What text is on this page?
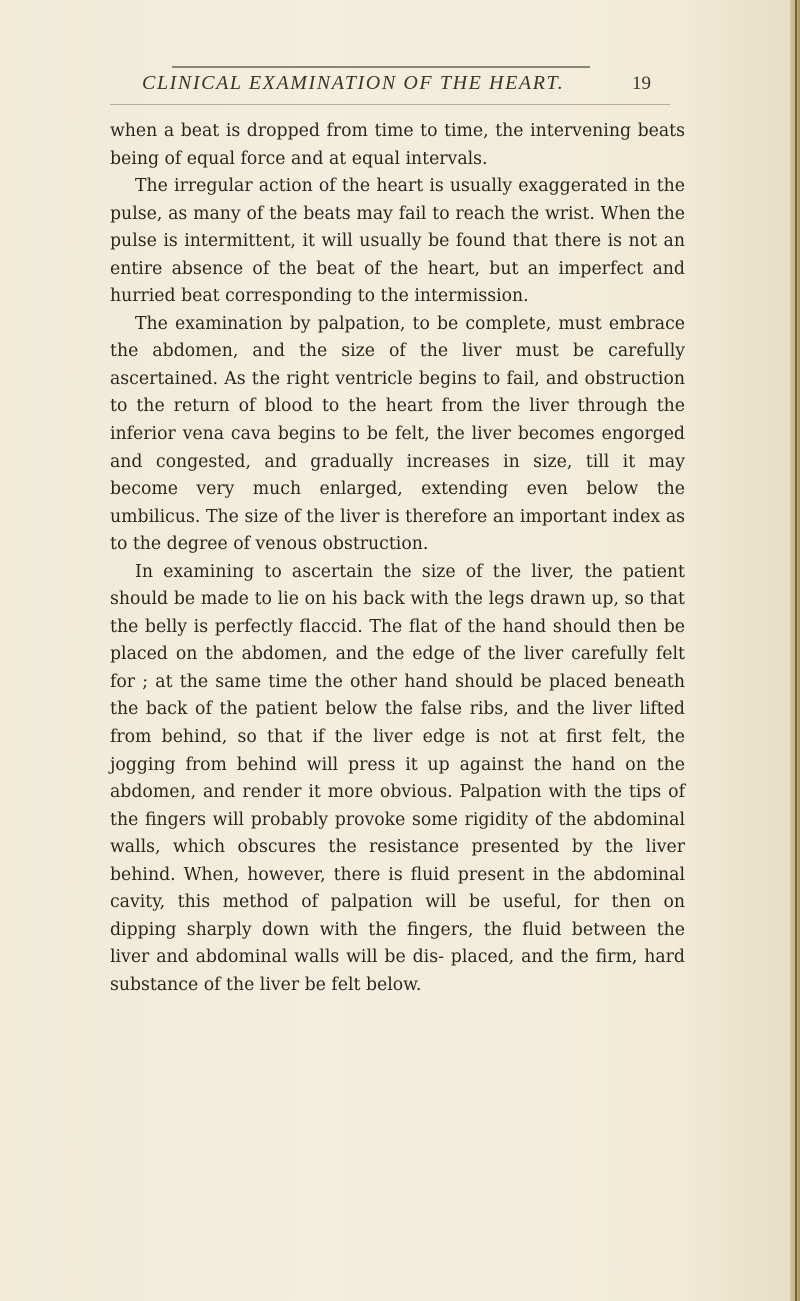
CLINICAL EXAMINATION OF THE HEART.	19

when a beat is dropped from time to time, the intervening beats being of equal force and at equal intervals.

The irregular action of the heart is usually exaggerated in the pulse, as many of the beats may fail to reach the wrist. When the pulse is intermittent, it will usually be found that there is not an entire absence of the beat of the heart, but an imperfect and hurried beat corresponding to the intermission.

The examination by palpation, to be complete, must embrace the abdomen, and the size of the liver must be carefully ascertained. As the right ventricle begins to fail, and obstruction to the return of blood to the heart from the liver through the inferior vena cava begins to be felt, the liver becomes engorged and congested, and gradually increases in size, till it may become very much enlarged, extending even below the umbilicus. The size of the liver is therefore an important index as to the degree of venous obstruction.

In examining to ascertain the size of the liver, the patient should be made to lie on his back with the legs drawn up, so that the belly is perfectly flaccid. The flat of the hand should then be placed on the abdomen, and the edge of the liver carefully felt for ; at the same time the other hand should be placed beneath the back of the patient below the false ribs, and the liver lifted from behind, so that if the liver edge is not at first felt, the jogging from behind will press it up against the hand on the abdomen, and render it more obvious. Palpation with the tips of the fingers will probably provoke some rigidity of the abdominal walls, which obscures the resistance presented by the liver behind. When, however, there is fluid present in the abdominal cavity, this method of palpation will be useful, for then on dipping sharply down with the fingers, the fluid between the liver and abdominal walls will be dis- placed, and the firm, hard substance of the liver be felt below.
